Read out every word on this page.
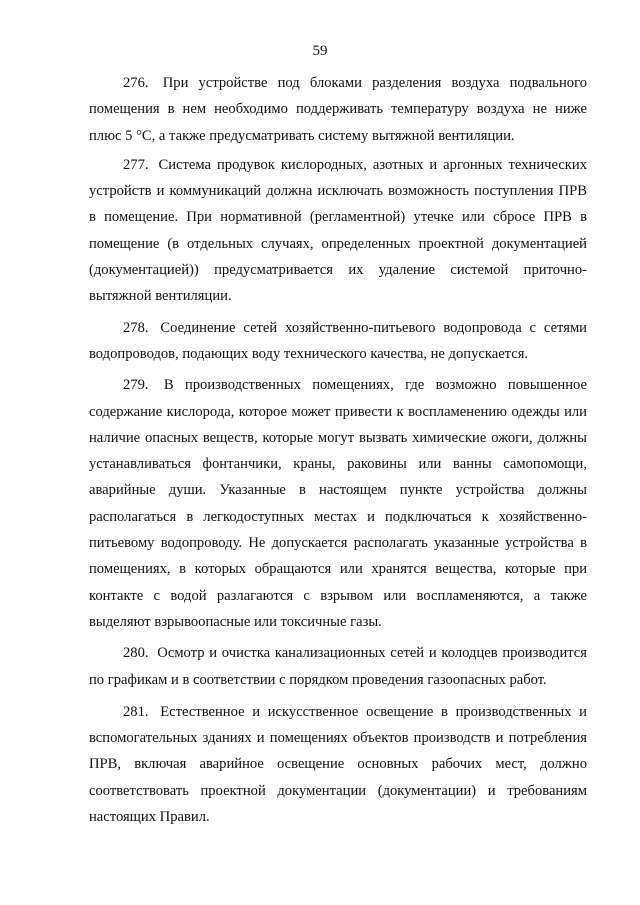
59

276. При устройстве под блоками разделения воздуха подвального помещения в нем необходимо поддерживать температуру воздуха не ниже плюс 5 °С, а также предусматривать систему вытяжной вентиляции.

277. Система продувок кислородных, азотных и аргонных технических устройств и коммуникаций должна исключать возможность поступления ПРВ в помещение. При нормативной (регламентной) утечке или сбросе ПРВ в помещение (в отдельных случаях, определенных проектной документацией (документацией)) предусматривается их удаление системой приточно-вытяжной вентиляции.

278. Соединение сетей хозяйственно-питьевого водопровода с сетями водопроводов, подающих воду технического качества, не допускается.

279. В производственных помещениях, где возможно повышенное содержание кислорода, которое может привести к воспламенению одежды или наличие опасных веществ, которые могут вызвать химические ожоги, должны устанавливаться фонтанчики, краны, раковины или ванны самопомощи, аварийные души. Указанные в настоящем пункте устройства должны располагаться в легкодоступных местах и подключаться к хозяйственно-питьевому водопроводу. Не допускается располагать указанные устройства в помещениях, в которых обращаются или хранятся вещества, которые при контакте с водой разлагаются с взрывом или воспламеняются, а также выделяют взрывоопасные или токсичные газы.

280. Осмотр и очистка канализационных сетей и колодцев производится по графикам и в соответствии с порядком проведения газоопасных работ.

281. Естественное и искусственное освещение в производственных и вспомогательных зданиях и помещениях объектов производств и потребления ПРВ, включая аварийное освещение основных рабочих мест, должно соответствовать проектной документации (документации) и требованиям настоящих Правил.
